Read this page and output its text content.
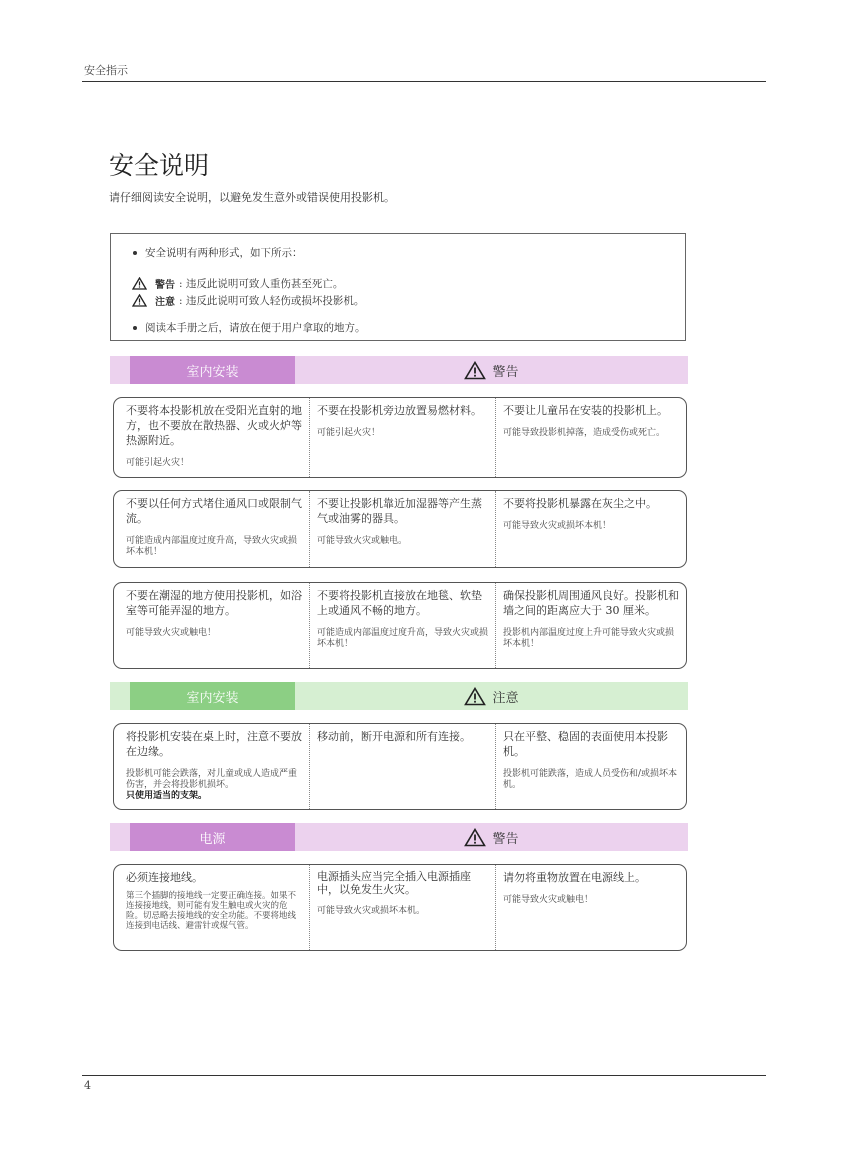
安全指示
安全说明
请仔细阅读安全说明，以避免发生意外或错误使用投影机。
安全说明有两种形式，如下所示：
警告 : 违反此说明可致人重伤甚至死亡。
注意 : 违反此说明可致人轻伤或损坏投影机。
阅读本手册之后，请放在便于用户拿取的地方。
室内安装	警告
不要将本投影机放在受阳光直射的地方，也不要放在散热器、火或火炉等热源附近。
可能引起火灾！
不要在投影机旁边放置易燃材料。
可能引起火灾！
不要让儿童吊在安装的投影机上。
可能导致投影机掉落，造成受伤或死亡。
不要以任何方式堵住通风口或限制气流。
可能造成内部温度过度升高，导致火灾或损坏本机！
不要让投影机靠近加湿器等产生蒸气或油雾的器具。
可能导致火灾或触电。
不要将投影机暴露在灰尘之中。
可能导致火灾或损坏本机！
不要在潮湿的地方使用投影机，如浴室等可能弄湿的地方。
可能导致火灾或触电！
不要将投影机直接放在地毯、软垫上或通风不畅的地方。
可能造成内部温度过度升高，导致火灾或损坏本机！
确保投影机周围通风良好。投影机和墙之间的距离应大于 30 厘米。
投影机内部温度过度上升可能导致火灾或损坏本机！
室内安装	注意
将投影机安装在桌上时，注意不要放在边缘。
投影机可能会跌落，对儿童或成人造成严重伤害，并会将投影机损坏。
只使用适当的支架。
移动前，断开电源和所有连接。	只在平整、稳固的表面使用本投影机。
投影机可能跌落，造成人员受伤和/或损坏本机。
电源	警告
必须连接地线。
第三个插脚的接地线一定要正确连接。如果不连接接地线，则可能有发生触电或火灾的危险。切忌略去接地线的安全功能。不要将地线连接到电话线、避雷针或煤气管。
电源插头应当完全插入电源插座中，以免发生火灾。
可能导致火灾或损坏本机。
请勿将重物放置在电源线上。
可能导致火灾或触电！
4
